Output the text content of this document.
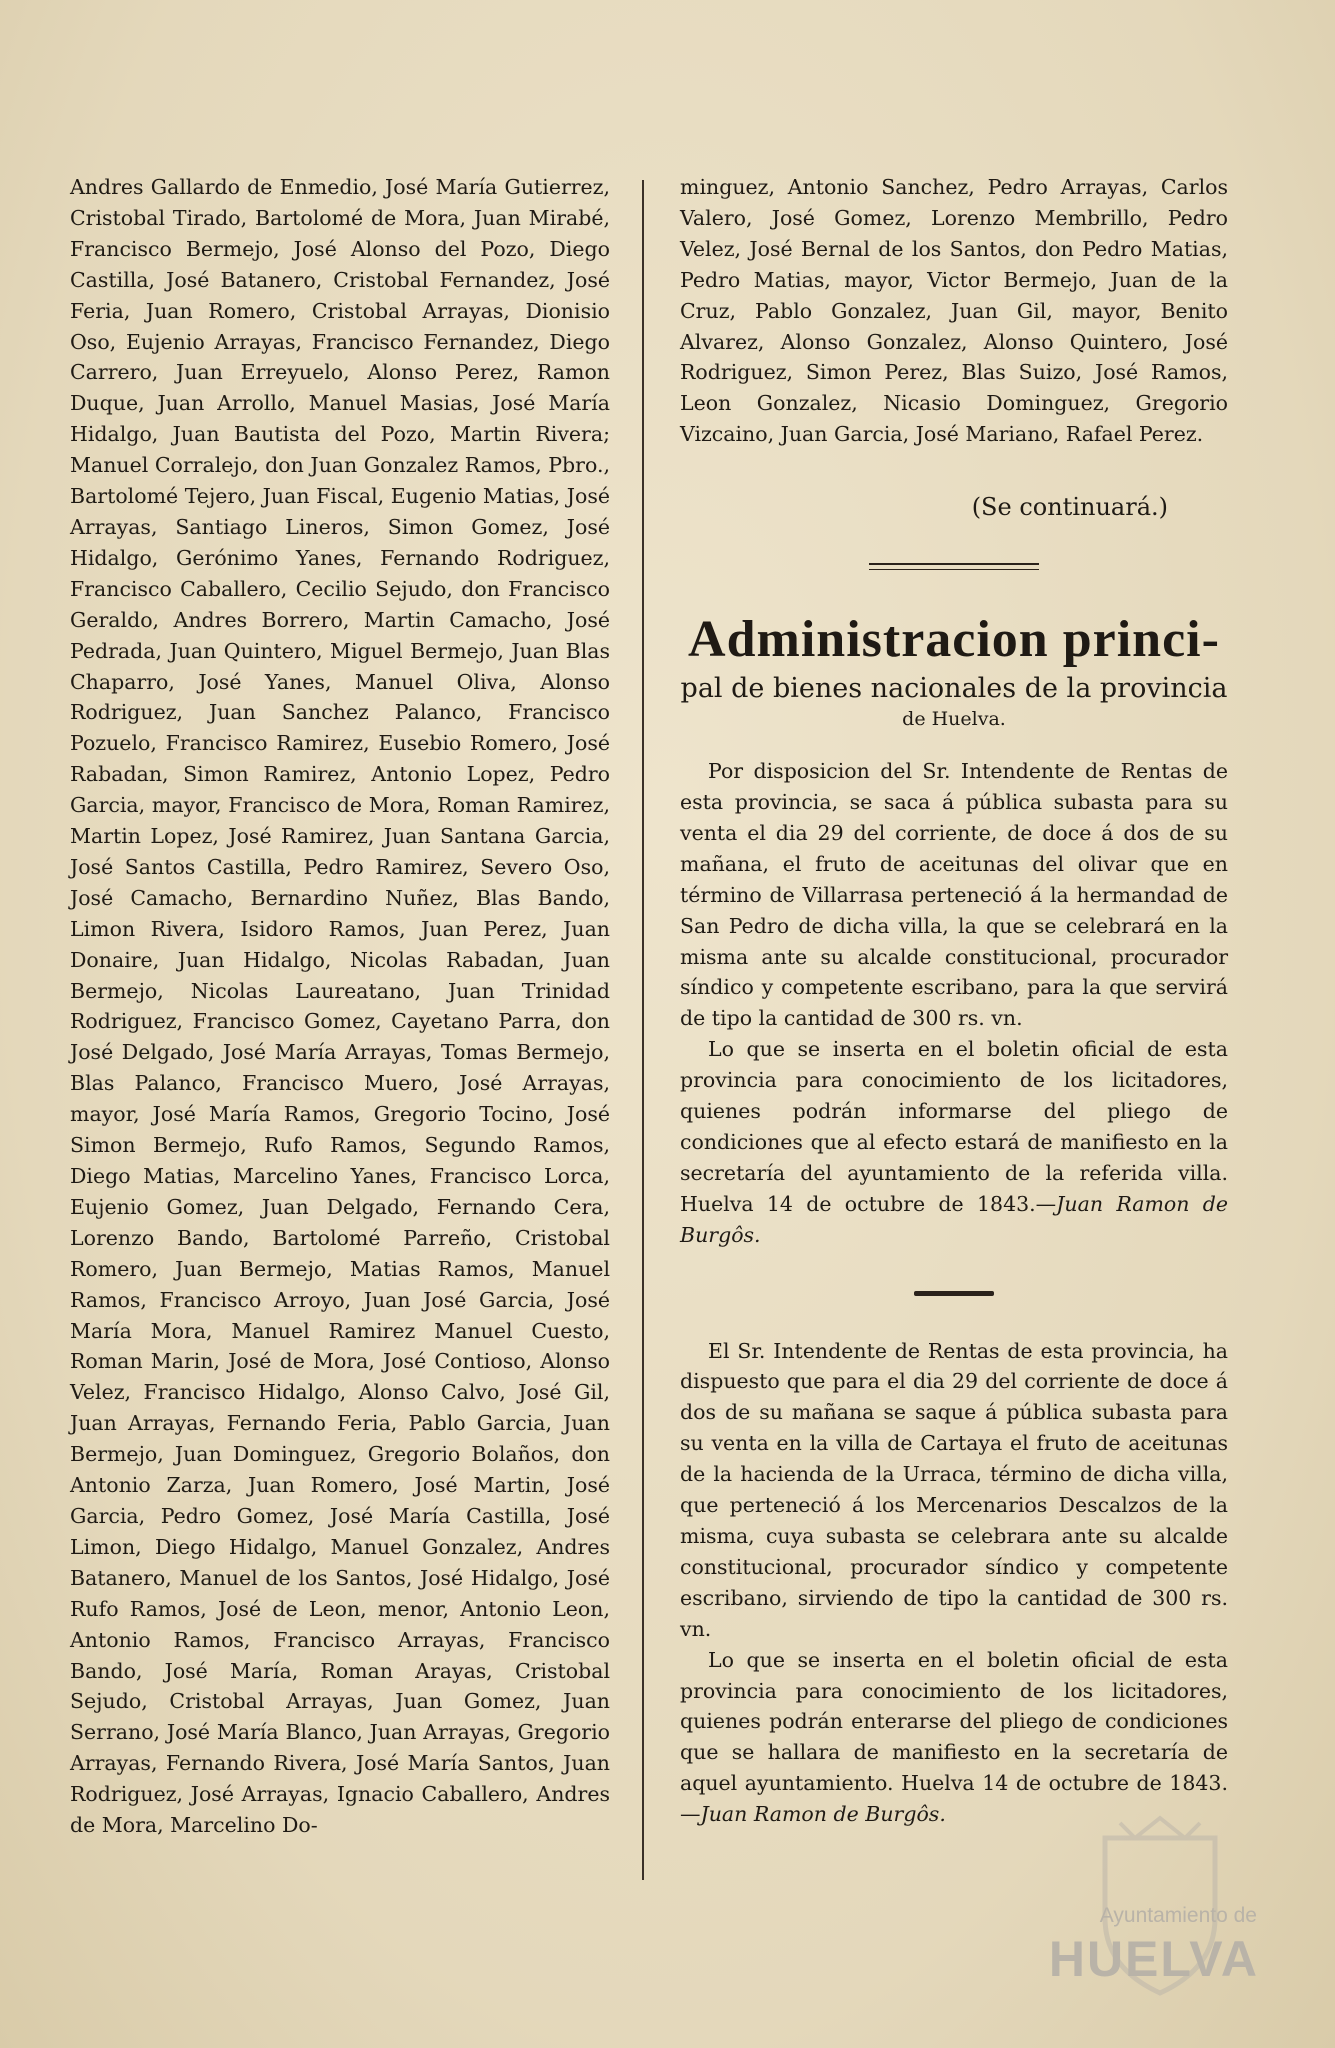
Andres Gallardo de Enmedio, José María Gutierrez, Cristobal Tirado, Bartolomé de Mora, Juan Mirabé, Francisco Bermejo, José Alonso del Pozo, Diego Castilla, José Batanero, Cristobal Fernandez, José Feria, Juan Romero, Cristobal Arrayas, Dionisio Oso, Eujenio Arrayas, Francisco Fernandez, Diego Carrero, Juan Erreyuelo, Alonso Perez, Ramon Duque, Juan Arrollo, Manuel Masias, José María Hidalgo, Juan Bautista del Pozo, Martin Rivera; Manuel Corralejo, don Juan Gonzalez Ramos, Pbro., Bartolomé Tejero, Juan Fiscal, Eugenio Matias, José Arrayas, Santiago Lineros, Simon Gomez, José Hidalgo, Gerónimo Yanes, Fernando Rodriguez, Francisco Caballero, Cecilio Sejudo, don Francisco Geraldo, Andres Borrero, Martin Camacho, José Pedrada, Juan Quintero, Miguel Bermejo, Juan Blas Chaparro, José Yanes, Manuel Oliva, Alonso Rodriguez, Juan Sanchez Palanco, Francisco Pozuelo, Francisco Ramirez, Eusebio Romero, José Rabadan, Simon Ramirez, Antonio Lopez, Pedro Garcia, mayor, Francisco de Mora, Roman Ramirez, Martin Lopez, José Ramirez, Juan Santana Garcia, José Santos Castilla, Pedro Ramirez, Severo Oso, José Camacho, Bernardino Nuñez, Blas Bando, Limon Rivera, Isidoro Ramos, Juan Perez, Juan Donaire, Juan Hidalgo, Nicolas Rabadan, Juan Bermejo, Nicolas Laureatano, Juan Trinidad Rodriguez, Francisco Gomez, Cayetano Parra, don José Delgado, José María Arrayas, Tomas Bermejo, Blas Palanco, Francisco Muero, José Arrayas, mayor, José María Ramos, Gregorio Tocino, José Simon Bermejo, Rufo Ramos, Segundo Ramos, Diego Matias, Marcelino Yanes, Francisco Lorca, Eujenio Gomez, Juan Delgado, Fernando Cera, Lorenzo Bando, Bartolomé Parreño, Cristobal Romero, Juan Bermejo, Matias Ramos, Manuel Ramos, Francisco Arroyo, Juan José Garcia, José María Mora, Manuel Ramirez Manuel Cuesto, Roman Marin, José de Mora, José Contioso, Alonso Velez, Francisco Hidalgo, Alonso Calvo, José Gil, Juan Arrayas, Fernando Feria, Pablo Garcia, Juan Bermejo, Juan Dominguez, Gregorio Bolaños, don Antonio Zarza, Juan Romero, José Martin, José Garcia, Pedro Gomez, José María Castilla, José Limon, Diego Hidalgo, Manuel Gonzalez, Andres Batanero, Manuel de los Santos, José Hidalgo, José Rufo Ramos, José de Leon, menor, Antonio Leon, Antonio Ramos, Francisco Arrayas, Francisco Bando, José María, Roman Arayas, Cristobal Sejudo, Cristobal Arrayas, Juan Gomez, Juan Serrano, José María Blanco, Juan Arrayas, Gregorio Arrayas, Fernando Rivera, José María Santos, Juan Rodriguez, José Arrayas, Ignacio Caballero, Andres de Mora, Marcelino Do-

minguez, Antonio Sanchez, Pedro Arrayas, Carlos Valero, José Gomez, Lorenzo Membrillo, Pedro Velez, José Bernal de los Santos, don Pedro Matias, Pedro Matias, mayor, Victor Bermejo, Juan de la Cruz, Pablo Gonzalez, Juan Gil, mayor, Benito Alvarez, Alonso Gonzalez, Alonso Quintero, José Rodriguez, Simon Perez, Blas Suizo, José Ramos, Leon Gonzalez, Nicasio Dominguez, Gregorio Vizcaino, Juan Garcia, José Mariano, Rafael Perez.

(Se continuará.)

Administracion princi-
pal de bienes nacionales de la provincia
de Huelva.

Por disposicion del Sr. Intendente de Rentas de esta provincia, se saca á pública subasta para su venta el dia 29 del corriente, de doce á dos de su mañana, el fruto de aceitunas del olivar que en término de Villarrasa perteneció á la hermandad de San Pedro de dicha villa, la que se celebrará en la misma ante su alcalde constitucional, procurador síndico y competente escribano, para la que servirá de tipo la cantidad de 300 rs. vn.

Lo que se inserta en el boletin oficial de esta provincia para conocimiento de los licitadores, quienes podrán informarse del pliego de condiciones que al efecto estará de manifiesto en la secretaría del ayuntamiento de la referida villa. Huelva 14 de octubre de 1843.—Juan Ramon de Burgôs.

El Sr. Intendente de Rentas de esta provincia, ha dispuesto que para el dia 29 del corriente de doce á dos de su mañana se saque á pública subasta para su venta en la villa de Cartaya el fruto de aceitunas de la hacienda de la Urraca, término de dicha villa, que perteneció á los Mercenarios Descalzos de la misma, cuya subasta se celebrara ante su alcalde constitucional, procurador síndico y competente escribano, sirviendo de tipo la cantidad de 300 rs. vn.

Lo que se inserta en el boletin oficial de esta provincia para conocimiento de los licitadores, quienes podrán enterarse del pliego de condiciones que se hallara de manifiesto en la secretaría de aquel ayuntamiento. Huelva 14 de octubre de 1843.—Juan Ramon de Burgôs.

Ayuntamiento de
HUELVA
